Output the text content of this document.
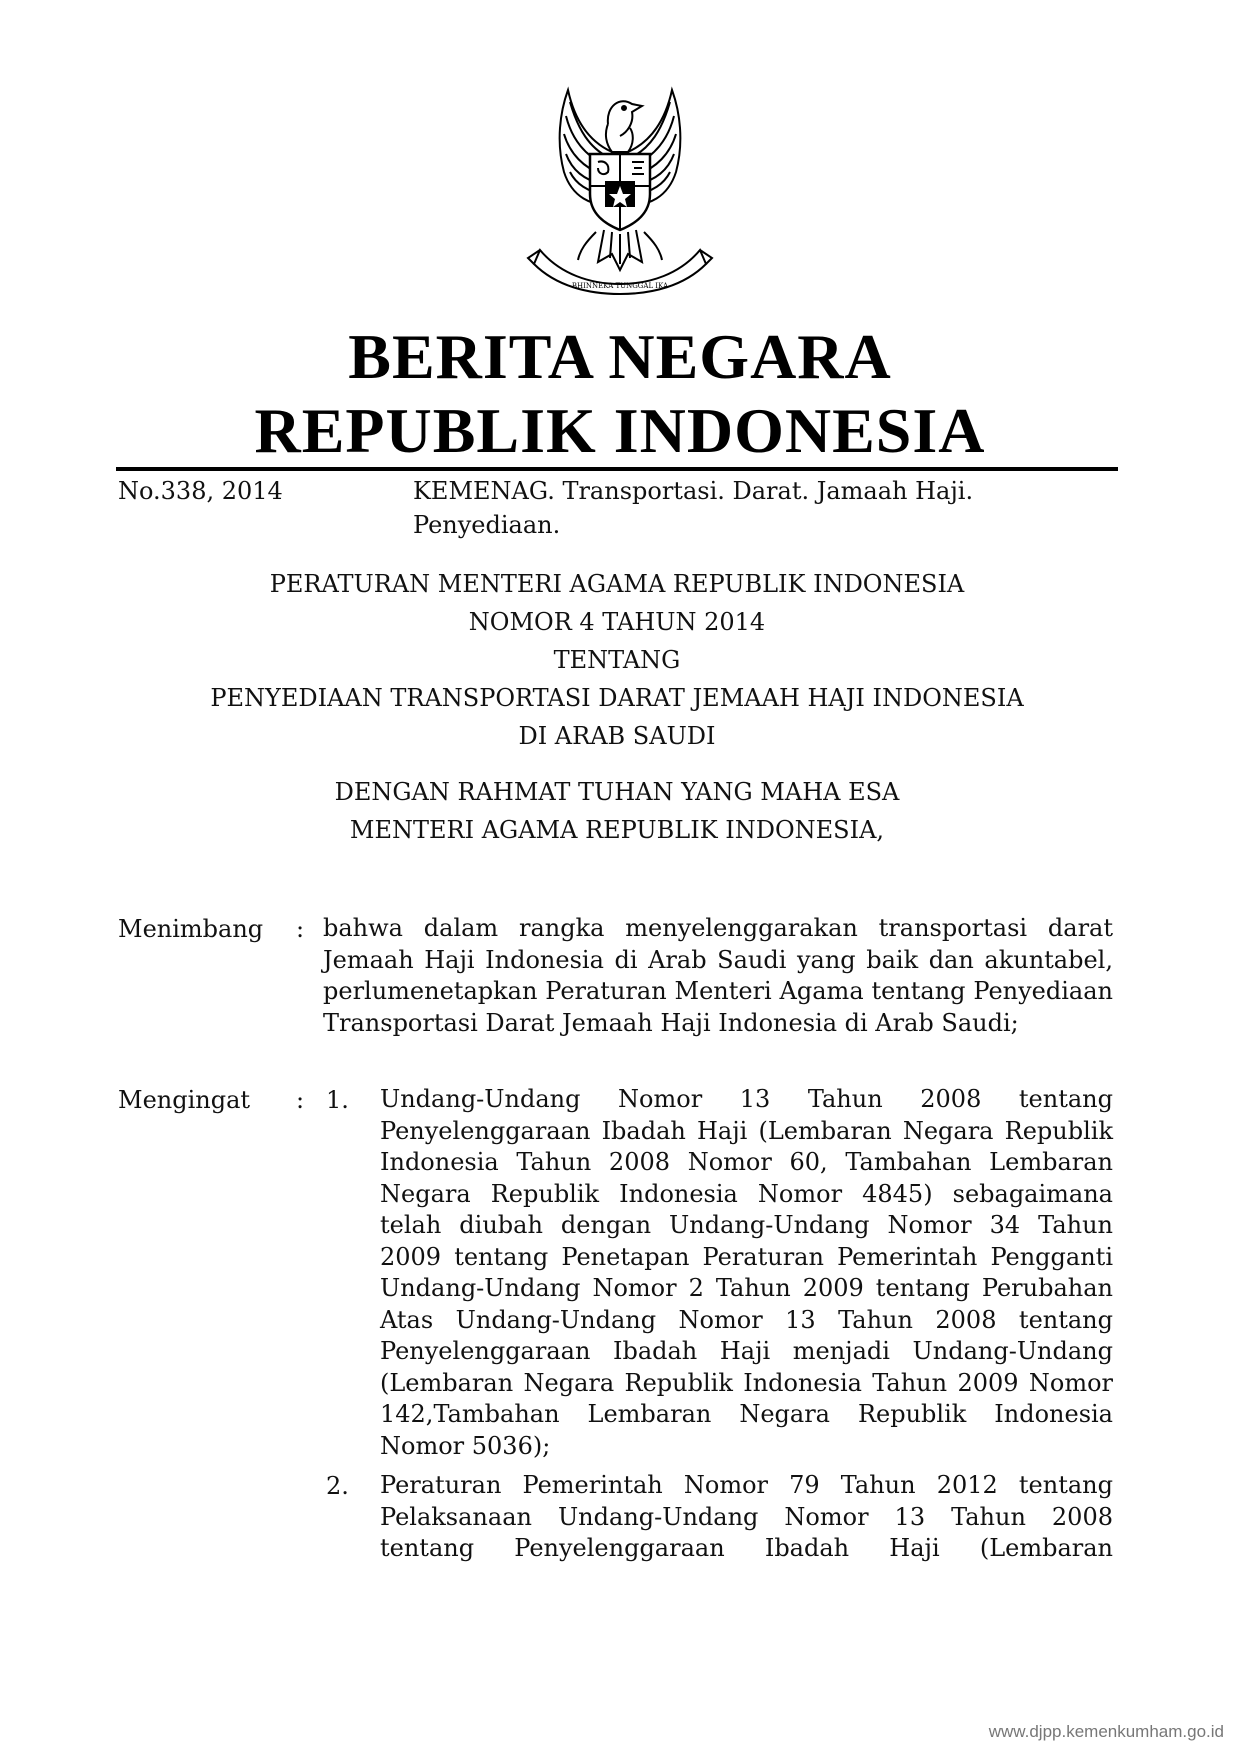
BHINNEKA TUNGGAL IKA
BERITA NEGARA
REPUBLIK INDONESIA
No.338, 2014	KEMENAG. Transportasi. Darat. Jamaah Haji.
Penyediaan.
PERATURAN MENTERI AGAMA REPUBLIK INDONESIA
NOMOR 4 TAHUN 2014
TENTANG
PENYEDIAAN TRANSPORTASI DARAT JEMAAH HAJI INDONESIA
DI ARAB SAUDI
DENGAN RAHMAT TUHAN YANG MAHA ESA
MENTERI AGAMA REPUBLIK INDONESIA,
Menimbang : bahwa dalam rangka menyelenggarakan transportasi darat Jemaah Haji Indonesia di Arab Saudi yang baik dan akuntabel, perlumenetapkan Peraturan Menteri Agama tentang Penyediaan Transportasi Darat Jemaah Haji Indonesia di Arab Saudi;
Mengingat : 1. Undang-Undang Nomor 13 Tahun 2008 tentang Penyelenggaraan Ibadah Haji (Lembaran Negara Republik Indonesia Tahun 2008 Nomor 60, Tambahan Lembaran Negara Republik Indonesia Nomor 4845) sebagaimana telah diubah dengan Undang-Undang Nomor 34 Tahun 2009 tentang Penetapan Peraturan Pemerintah Pengganti Undang-Undang Nomor 2 Tahun 2009 tentang Perubahan Atas Undang-Undang Nomor 13 Tahun 2008 tentang Penyelenggaraan Ibadah Haji menjadi Undang-Undang (Lembaran Negara Republik Indonesia Tahun 2009 Nomor 142,Tambahan Lembaran Negara Republik Indonesia Nomor 5036);
2. Peraturan Pemerintah Nomor 79 Tahun 2012 tentang Pelaksanaan Undang-Undang Nomor 13 Tahun 2008 tentang Penyelenggaraan Ibadah Haji (Lembaran
www.djpp.kemenkumham.go.id
